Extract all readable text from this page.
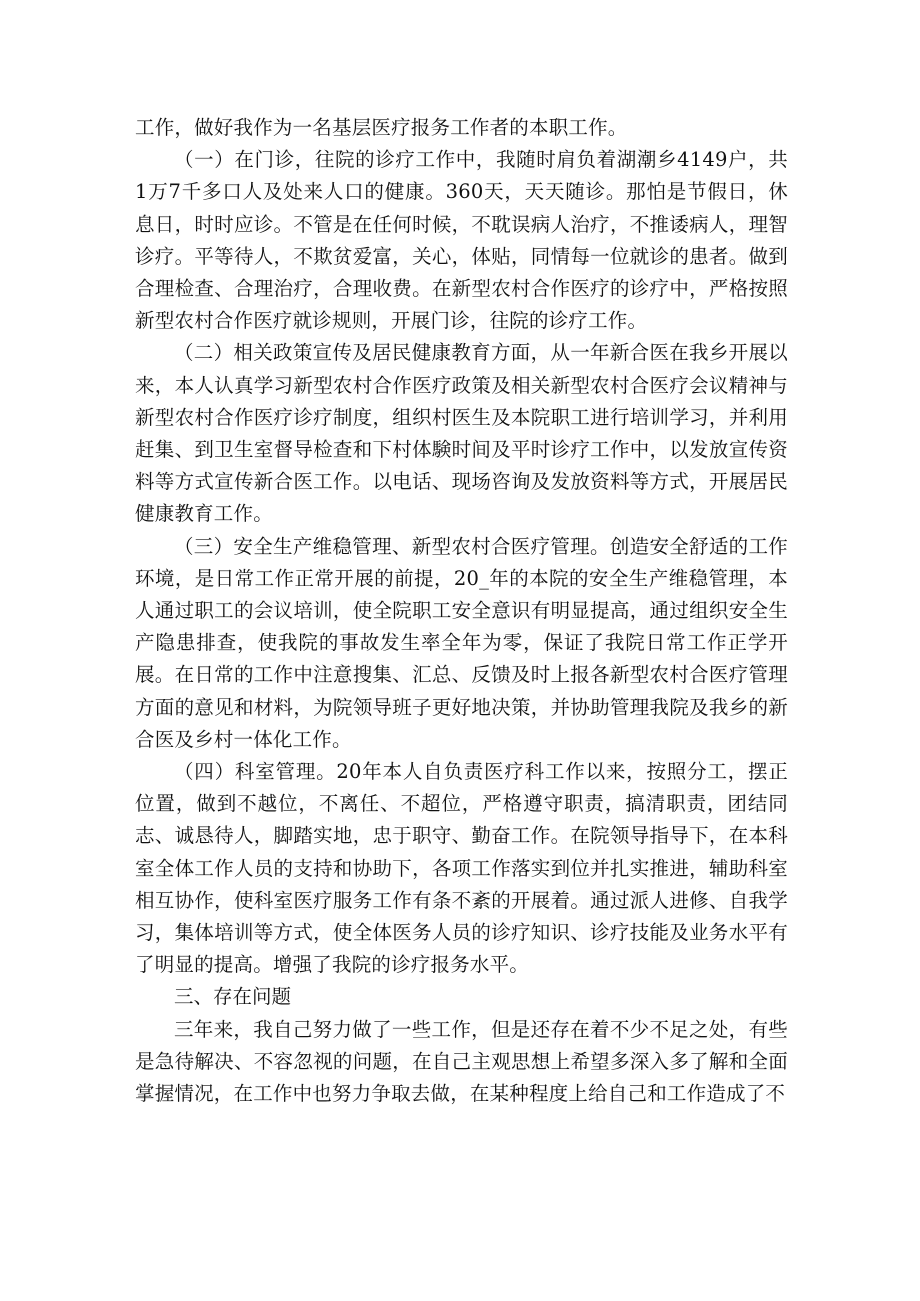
工作，做好我作为一名基层医疗报务工作者的本职工作。

（一）在门诊，往院的诊疗工作中，我随时肩负着湖潮乡4149户，共1万7千多口人及处来人口的健康。360天，天天随诊。那怕是节假日，休息日，时时应诊。不管是在任何时候，不耽误病人治疗，不推诿病人，理智诊疗。平等待人，不欺贫爱富，关心，体贴，同情每一位就诊的患者。做到合理检查、合理治疗，合理收费。在新型农村合作医疗的诊疗中，严格按照新型农村合作医疗就诊规则，开展门诊，往院的诊疗工作。

（二）相关政策宣传及居民健康教育方面，从一年新合医在我乡开展以来，本人认真学习新型农村合作医疗政策及相关新型农村合医疗会议精神与新型农村合作医疗诊疗制度，组织村医生及本院职工进行培训学习，并利用赶集、到卫生室督导检查和下村体験时间及平时诊疗工作中，以发放宣传资料等方式宣传新合医工作。以电话、现场咨询及发放资料等方式，开展居民健康教育工作。

（三）安全生产维稳管理、新型农村合医疗管理。创造安全舒适的工作环境，是日常工作正常开展的前提，20_年的本院的安全生产维稳管理，本人通过职工的会议培训，使全院职工安全意识有明显提高，通过组织安全生产隐患排查，使我院的事故发生率全年为零，保证了我院日常工作正学开展。在日常的工作中注意搜集、汇总、反馈及时上报各新型农村合医疗管理方面的意见和材料，为院领导班子更好地决策，并协助管理我院及我乡的新合医及乡村一体化工作。

（四）科室管理。20年本人自负责医疗科工作以来，按照分工，摆正位置，做到不越位，不离任、不超位，严格遵守职责，搞清职责，团结同志、诚恳待人，脚踏实地，忠于职守、勤奋工作。在院领导指导下，在本科室全体工作人员的支持和协助下，各项工作落实到位并扎实推进，辅助科室相互协作，使科室医疗服务工作有条不紊的开展着。通过派人进修、自我学习，集体培训等方式，使全体医务人员的诊疗知识、诊疗技能及业务水平有了明显的提高。增强了我院的诊疗报务水平。

三、存在问题

三年来，我自己努力做了一些工作，但是还存在着不少不足之处，有些是急待解决、不容忽视的问题，在自己主观思想上希望多深入多了解和全面掌握情况，在工作中也努力争取去做，在某种程度上给自己和工作造成了不
